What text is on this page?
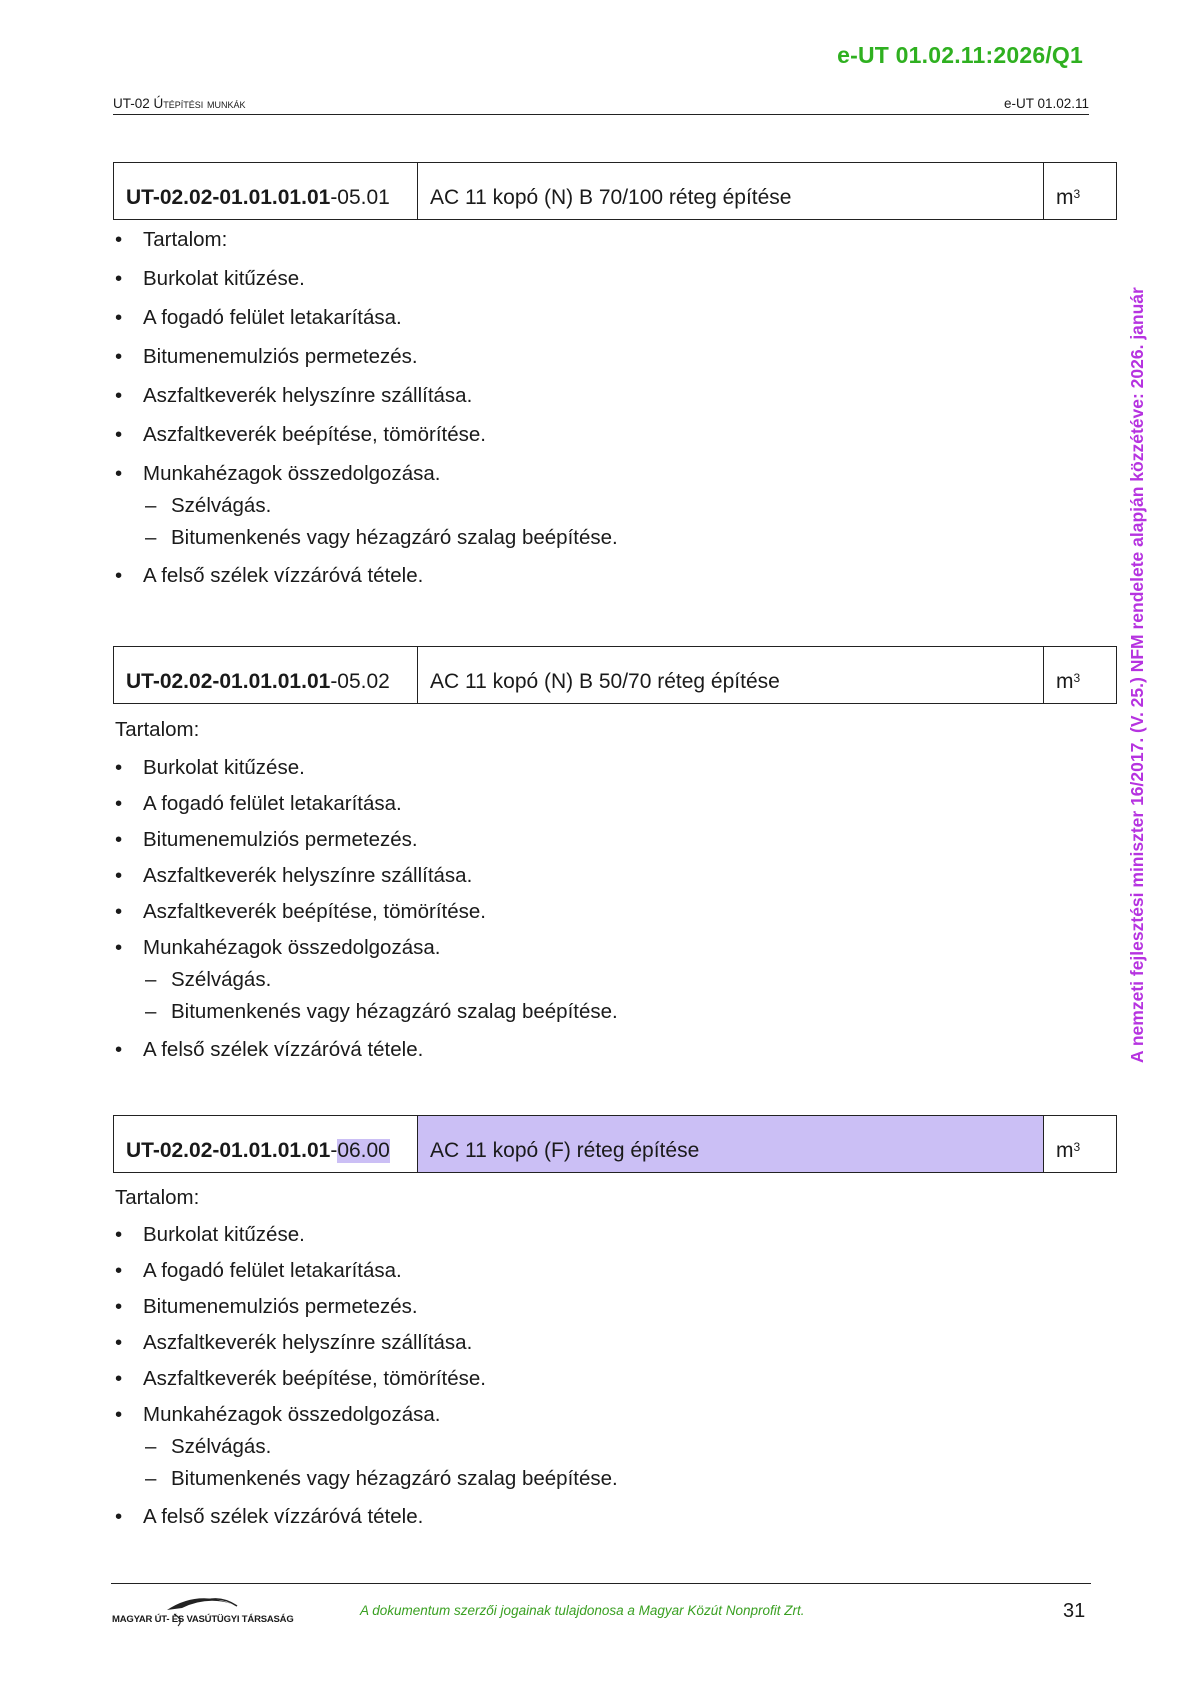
e-UT 01.02.11:2026/Q1
UT-02 Útépítési munkák	e-UT 01.02.11
A nemzeti fejlesztési miniszter 16/2017. (V. 25.) NFM rendelete alapján közzétéve: 2026. január
UT-02.02-01.01.01.01 -05.01	AC 11 kopó (N) B 70/100 réteg építése	$m^3$
• Tartalom:
• Burkolat kitűzése.
• A fogadó felület letakarítása.
• Bitumenemulziós permetezés.
• Aszfaltkeverék helyszínre szállítása.
• Aszfaltkeverék beépítése, tömörítése.
• Munkahézagok összedolgozása.
– Szélvágás.
– Bitumenkenés vagy hézagzáró szalag beépítése.
• A felső szélek vízzáróvá tétele.
UT-02.02-01.01.01.01 -05.02	AC 11 kopó (N) B 50/70 réteg építése	$m^3$
Tartalom:
• Burkolat kitűzése.
• A fogadó felület letakarítása.
• Bitumenemulziós permetezés.
• Aszfaltkeverék helyszínre szállítása.
• Aszfaltkeverék beépítése, tömörítése.
• Munkahézagok összedolgozása.
– Szélvágás.
– Bitumenkenés vagy hézagzáró szalag beépítése.
• A felső szélek vízzáróvá tétele.
UT-02.02-01.01.01.01 - 06.00	AC 11 kopó (F) réteg építése	$m^3$
Tartalom:
• Burkolat kitűzése.
• A fogadó felület letakarítása.
• Bitumenemulziós permetezés.
• Aszfaltkeverék helyszínre szállítása.
• Aszfaltkeverék beépítése, tömörítése.
• Munkahézagok összedolgozása.
– Szélvágás.
– Bitumenkenés vagy hézagzáró szalag beépítése.
• A felső szélek vízzáróvá tétele.
MAGYAR ÚT- ÉS VASÚTÜGYI TÁRSASÁG
A dokumentum szerzői jogainak tulajdonosa a Magyar Közút Nonprofit Zrt.	31
